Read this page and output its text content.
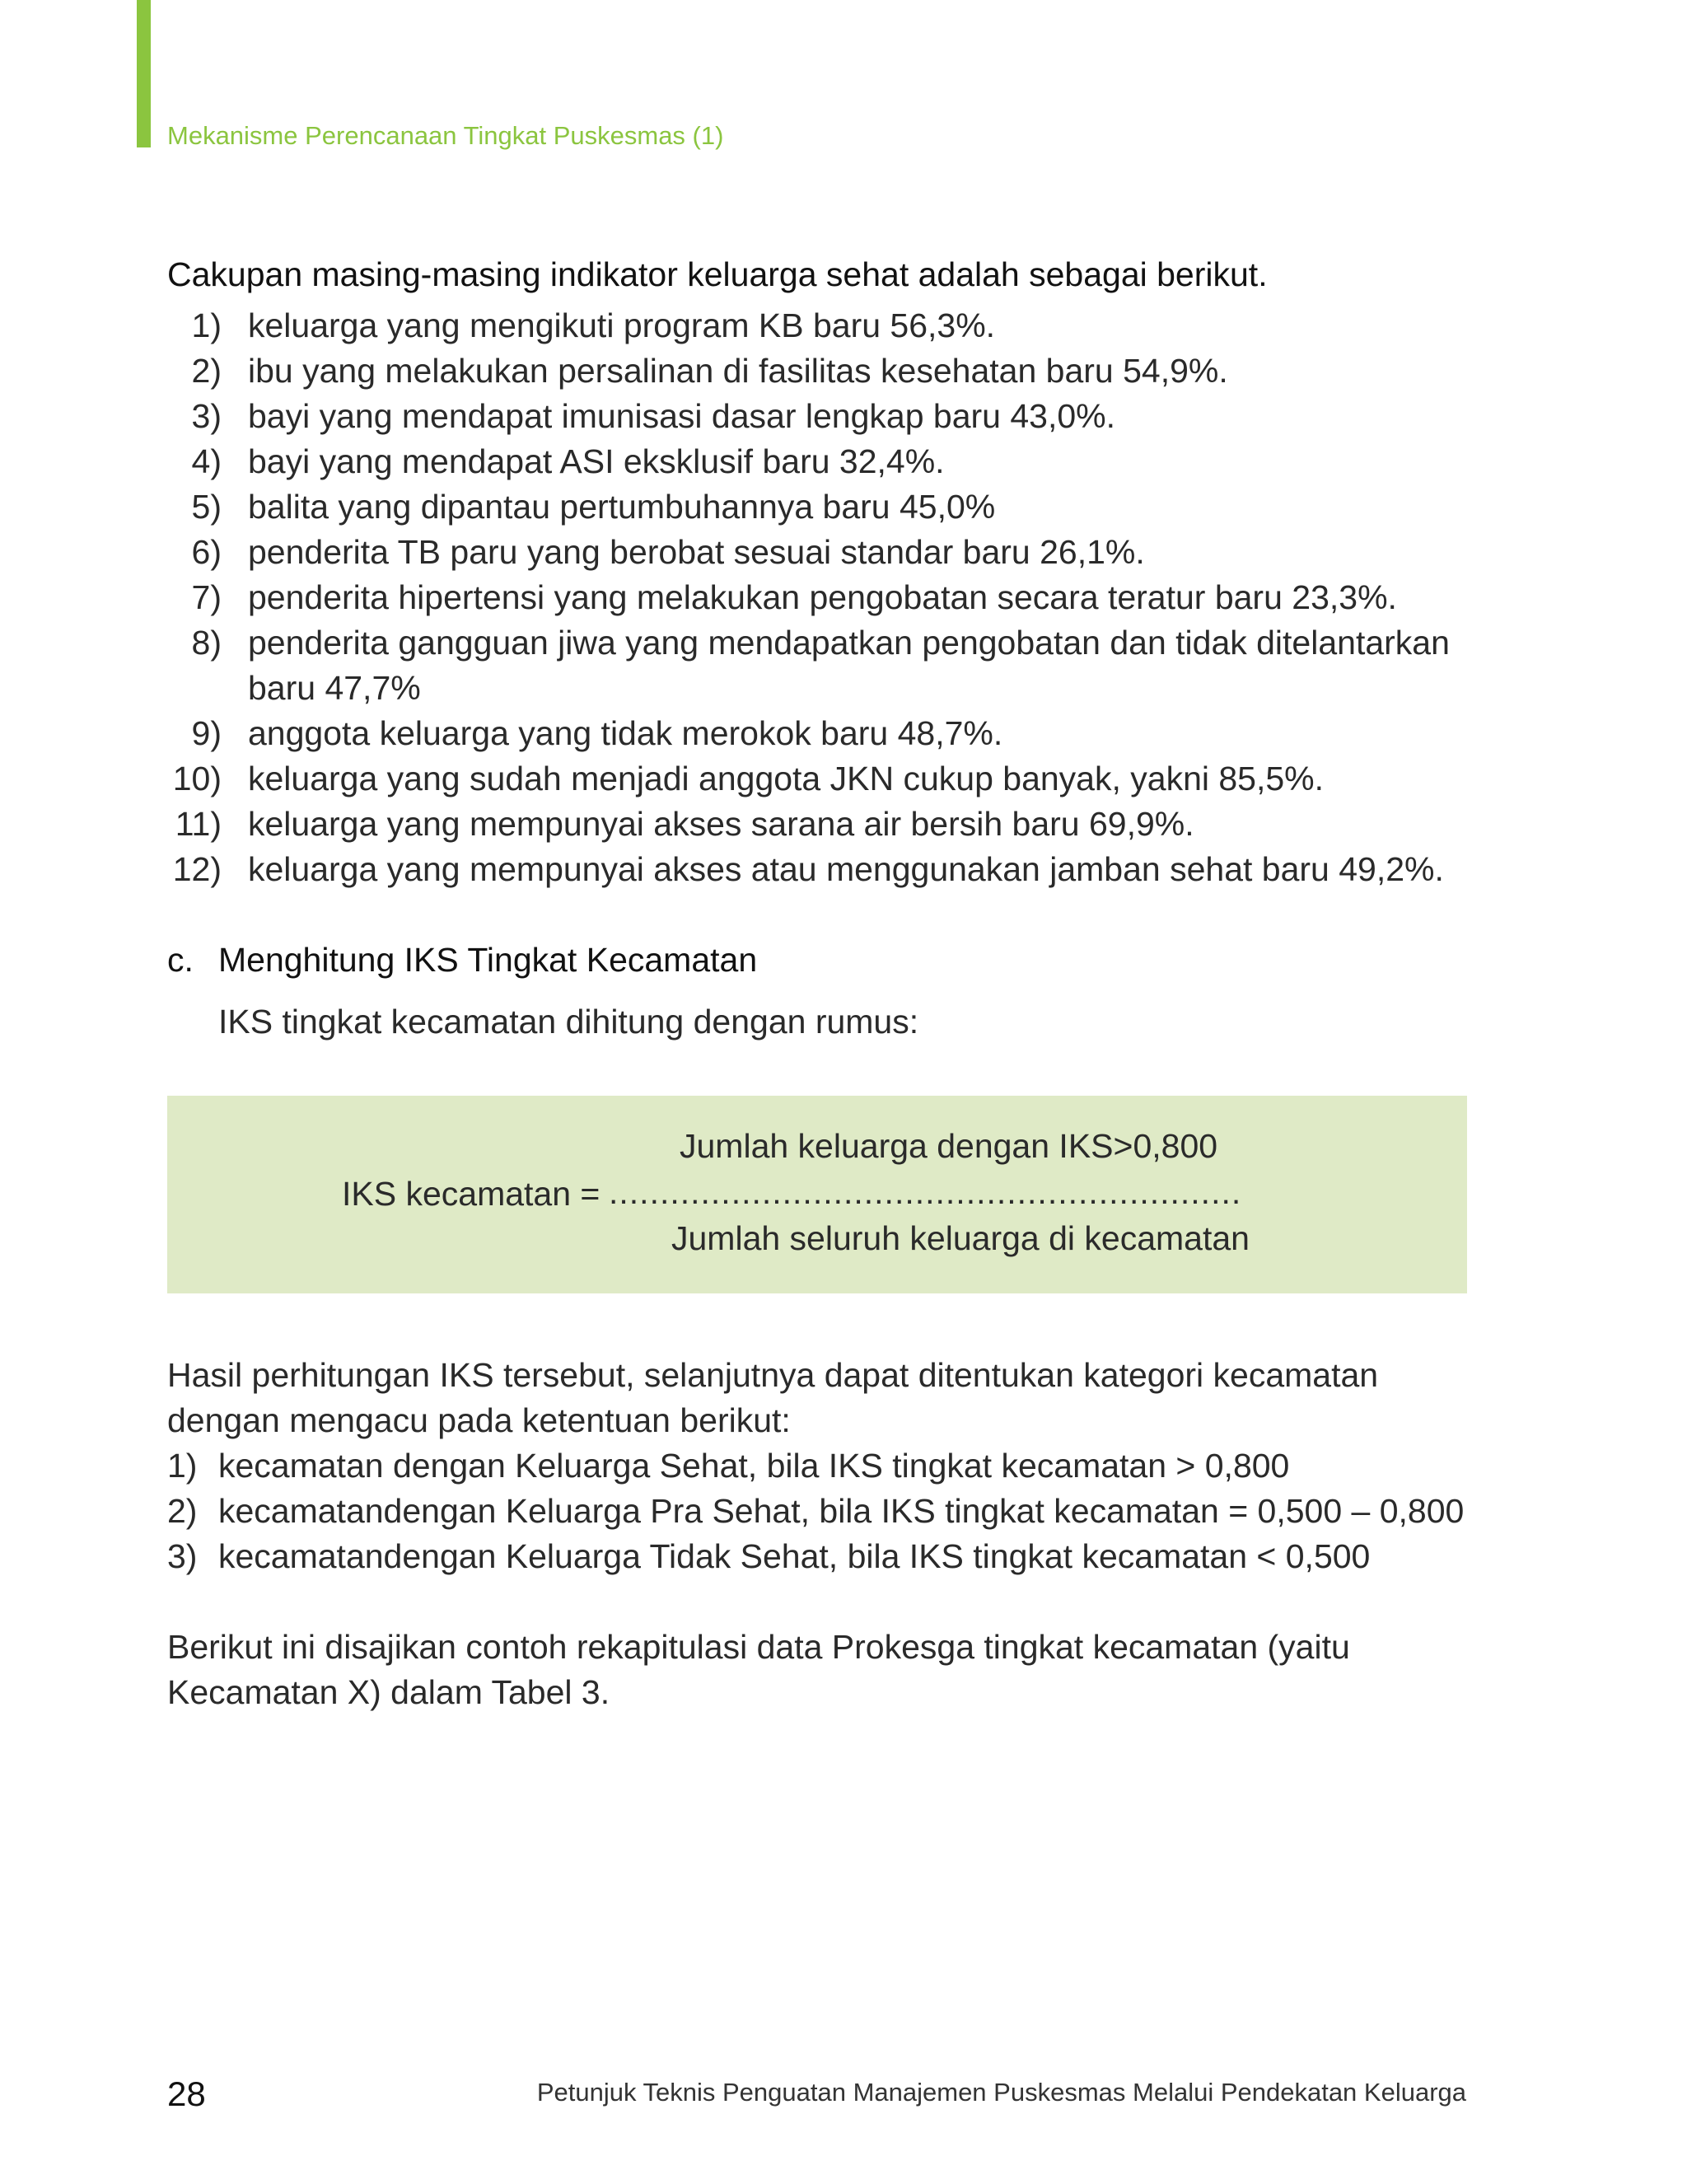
Mekanisme Perencanaan Tingkat Puskesmas (1)
Cakupan masing-masing indikator keluarga sehat adalah sebagai berikut.
1) keluarga yang mengikuti program KB baru 56,3%.
2) ibu yang melakukan persalinan di fasilitas kesehatan baru 54,9%.
3) bayi yang mendapat imunisasi dasar lengkap baru 43,0%.
4) bayi yang mendapat ASI eksklusif baru 32,4%.
5) balita yang dipantau pertumbuhannya baru 45,0%
6) penderita TB paru yang berobat sesuai standar baru 26,1%.
7) penderita hipertensi yang melakukan pengobatan secara teratur baru 23,3%.
8) penderita gangguan jiwa yang mendapatkan pengobatan dan tidak ditelantarkan
baru 47,7%
9) anggota keluarga yang tidak merokok baru 48,7%.
10) keluarga yang sudah menjadi anggota JKN cukup banyak, yakni 85,5%.
11) keluarga yang mempunyai akses sarana air bersih baru 69,9%.
12) keluarga yang mempunyai akses atau menggunakan jamban sehat baru 49,2%.
c. Menghitung IKS Tingkat Kecamatan
IKS tingkat kecamatan dihitung dengan rumus:
Jumlah keluarga dengan IKS>0,800
IKS kecamatan = ..............................................................
Jumlah seluruh keluarga di kecamatan
Hasil perhitungan IKS tersebut, selanjutnya dapat ditentukan kategori kecamatan dengan mengacu pada ketentuan berikut:
1) kecamatan dengan Keluarga Sehat, bila IKS tingkat kecamatan > 0,800
2) kecamatandengan Keluarga Pra Sehat, bila IKS tingkat kecamatan = 0,500 – 0,800
3) kecamatandengan Keluarga Tidak Sehat, bila IKS tingkat kecamatan < 0,500
Berikut ini disajikan contoh rekapitulasi data Prokesga tingkat kecamatan (yaitu Kecamatan X) dalam Tabel 3.
28	Petunjuk Teknis Penguatan Manajemen Puskesmas Melalui Pendekatan Keluarga
